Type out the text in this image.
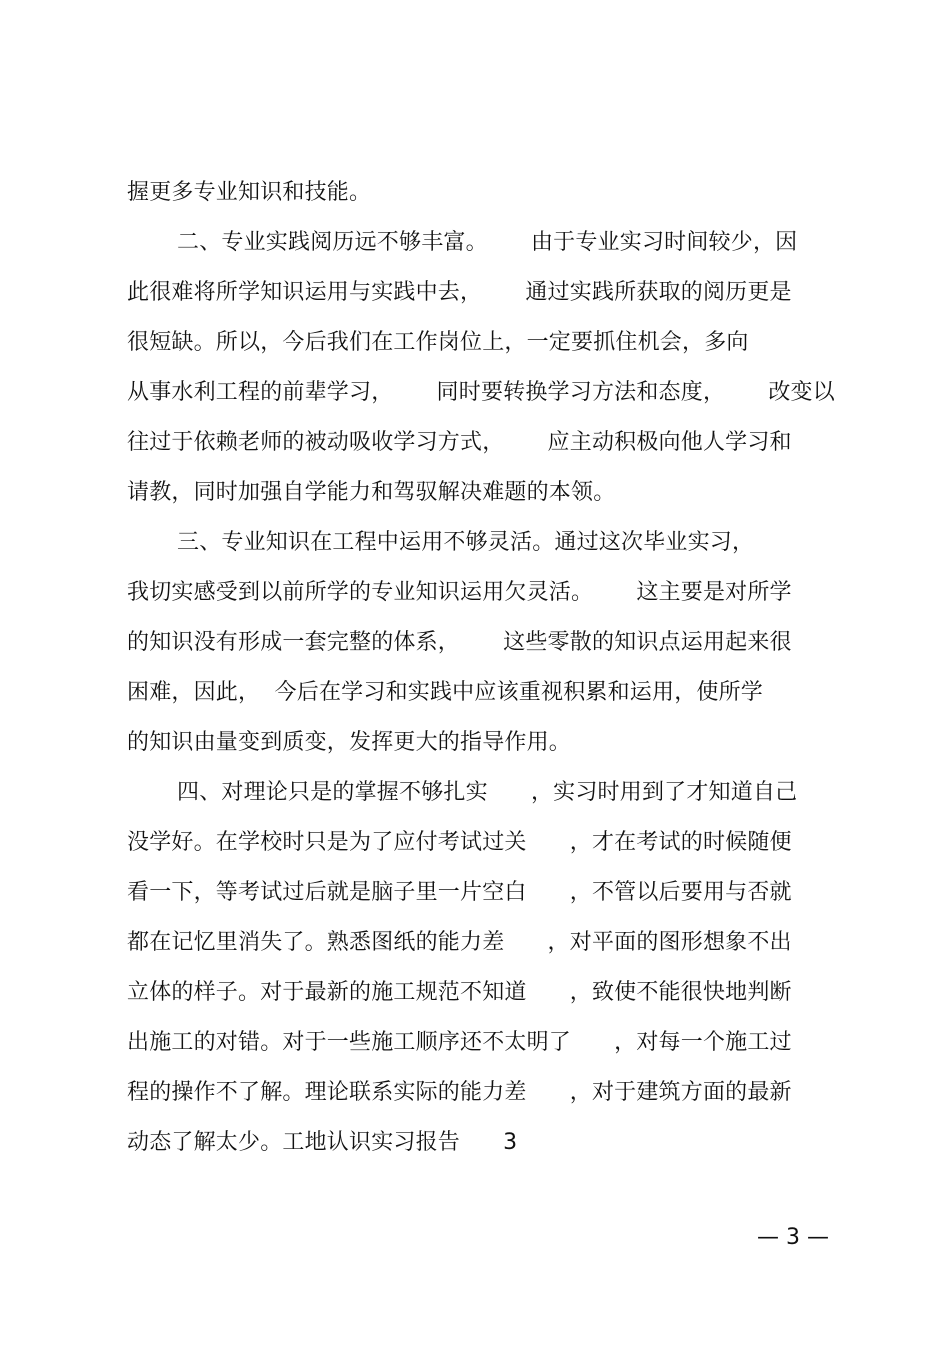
握更多专业知识和技能。
二、专业实践阅历远不够丰富。      由于专业实习时间较少，因
此很难将所学知识运用与实践中去，      通过实践所获取的阅历更是
很短缺。所以，今后我们在工作岗位上，一定要抓住机会，多向
从事水利工程的前辈学习，      同时要转换学习方法和态度，      改变以
往过于依赖老师的被动吸收学习方式，      应主动积极向他人学习和
请教，同时加强自学能力和驾驭解决难题的本领。
三、专业知识在工程中运用不够灵活。通过这次毕业实习，
我切实感受到以前所学的专业知识运用欠灵活。      这主要是对所学
的知识没有形成一套完整的体系，      这些零散的知识点运用起来很
困难，因此，  今后在学习和实践中应该重视积累和运用，使所学
的知识由量变到质变，发挥更大的指导作用。
四、对理论只是的掌握不够扎实      ，实习时用到了才知道自己
没学好。在学校时只是为了应付考试过关      ，才在考试的时候随便
看一下，等考试过后就是脑子里一片空白      ，不管以后要用与否就
都在记忆里消失了。熟悉图纸的能力差      ，对平面的图形想象不出
立体的样子。对于最新的施工规范不知道      ，致使不能很快地判断
出施工的对错。对于一些施工顺序还不太明了      ，对每一个施工过
程的操作不了解。理论联系实际的能力差      ，对于建筑方面的最新
动态了解太少。工地认识实习报告      3
— 3 —
